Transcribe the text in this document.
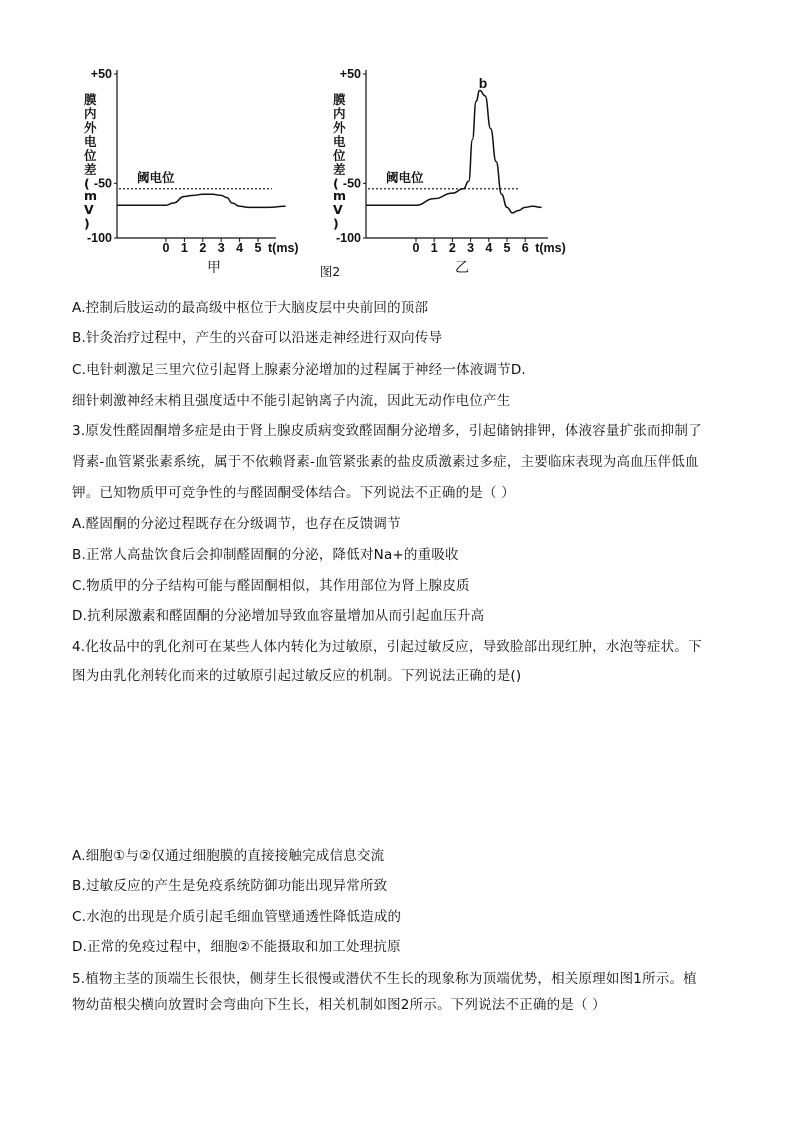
+50
-50
-100
0 1 2 3 4 5 t(ms)
膜内外电位差( m V )
阈电位
甲
+50
-50
-100
0 1 2 3 4 5 6 t(ms)
膜内外电位差( m V )
阈电位
乙
b
图2
A.控制后肢运动的最高级中枢位于大脑皮层中央前回的顶部
B.针灸治疗过程中，产生的兴奋可以沿迷走神经进行双向传导
C.电针刺激足三里穴位引起肾上腺素分泌增加的过程属于神经一体液调节D.
细针刺激神经末梢且强度适中不能引起钠离子内流，因此无动作电位产生
3.原发性醛固酮增多症是由于肾上腺皮质病变致醛固酮分泌增多，引起储钠排钾，体液容量扩张而抑制了
肾素-血管紧张素系统，属于不依赖肾素-血管紧张素的盐皮质激素过多症，主要临床表现为高血压伴低血
钾。已知物质甲可竞争性的与醛固酮受体结合。下列说法不正确的是（ ）
A.醛固酮的分泌过程既存在分级调节，也存在反馈调节
B.正常人高盐饮食后会抑制醛固酮的分泌，降低对Na+的重吸收
C.物质甲的分子结构可能与醛固酮相似，其作用部位为肾上腺皮质
D.抗利尿激素和醛固酮的分泌增加导致血容量增加从而引起血压升高
4.化妆品中的乳化剂可在某些人体内转化为过敏原，引起过敏反应，导致脸部出现红肿，水泡等症状。下
图为由乳化剂转化而来的过敏原引起过敏反应的机制。下列说法正确的是()
A.细胞①与②仅通过细胞膜的直接接触完成信息交流
B.过敏反应的产生是免疫系统防御功能出现异常所致
C.水泡的出现是介质引起毛细血管壁通透性降低造成的
D.正常的免疫过程中，细胞②不能摄取和加工处理抗原
5.植物主茎的顶端生长很快，侧芽生长很慢或潜伏不生长的现象称为顶端优势，相关原理如图1所示。植
物幼苗根尖横向放置时会弯曲向下生长，相关机制如图2所示。下列说法不正确的是（ ）
